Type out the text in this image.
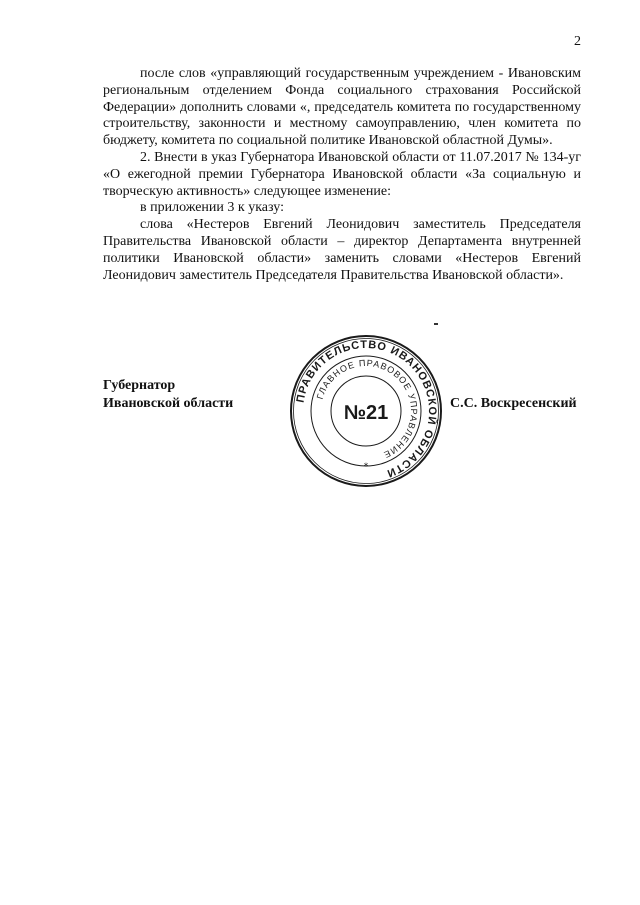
2

после слов «управляющий государственным учреждением - Ивановским региональным отделением Фонда социального страхования Российской Федерации» дополнить словами «, председатель комитета по государственному строительству, законности и местному самоуправлению, член комитета по бюджету, комитета по социальной политике Ивановской областной Думы».

2. Внести в указ Губернатора Ивановской области от 11.07.2017 № 134-уг «О ежегодной премии Губернатора Ивановской области «За социальную и творческую активность» следующее изменение:

в приложении 3 к указу:

слова «Нестеров Евгений Леонидович заместитель Председателя Правительства Ивановской области – директор Департамента внутренней политики Ивановской области» заменить словами «Нестеров Евгений Леонидович заместитель Председателя Правительства Ивановской области».

Губернатор
Ивановской области	С.С. Воскресенский
ПРАВИТЕЛЬСТВО ИВАНОВСКОЙ ОБЛАСТИ
ГЛАВНОЕ ПРАВОВОЕ УПРАВЛЕНИЕ
№21
*
